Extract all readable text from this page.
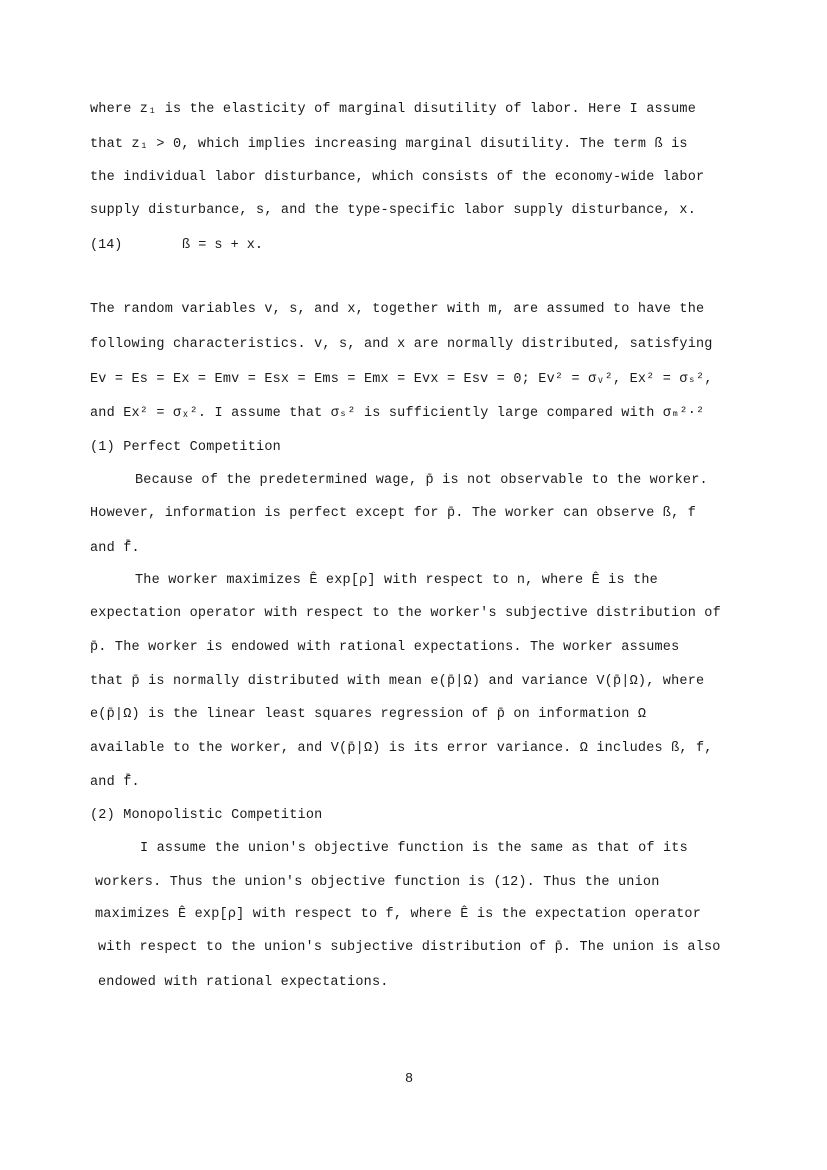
where z₁ is the elasticity of marginal disutility of labor. Here I assume
that z₁ > 0, which implies increasing marginal disutility. The term ß is
the individual labor disturbance, which consists of the economy-wide labor
supply disturbance, s, and the type-specific labor supply disturbance, x.
(14)	ß = s + x.
The random variables v, s, and x, together with m, are assumed to have the
following characteristics. v, s, and x are normally distributed, satisfying
Ev = Es = Ex = Emv = Esx = Ems = Emx = Evx = Esv = 0; Ev² = σᵥ², Ex² = σₛ²,
and Ex² = σₓ². I assume that σₛ² is sufficiently large compared with σₘ²·²
(1) Perfect Competition
Because of the predetermined wage, p̄ is not observable to the worker.
However, information is perfect except for p̄. The worker can observe ß, f
and f̄.
The worker maximizes Ê exp[ρ] with respect to n, where Ê is the
expectation operator with respect to the worker's subjective distribution of
p̄. The worker is endowed with rational expectations. The worker assumes
that p̄ is normally distributed with mean e(p̄|Ω) and variance V(p̄|Ω), where
e(p̄|Ω) is the linear least squares regression of p̄ on information Ω
available to the worker, and V(p̄|Ω) is its error variance. Ω includes ß, f,
and f̄.
(2) Monopolistic Competition
I assume the union's objective function is the same as that of its
workers. Thus the union's objective function is (12). Thus the union
maximizes Ê exp[ρ] with respect to f, where Ê is the expectation operator
with respect to the union's subjective distribution of p̄. The union is also
endowed with rational expectations.
8
